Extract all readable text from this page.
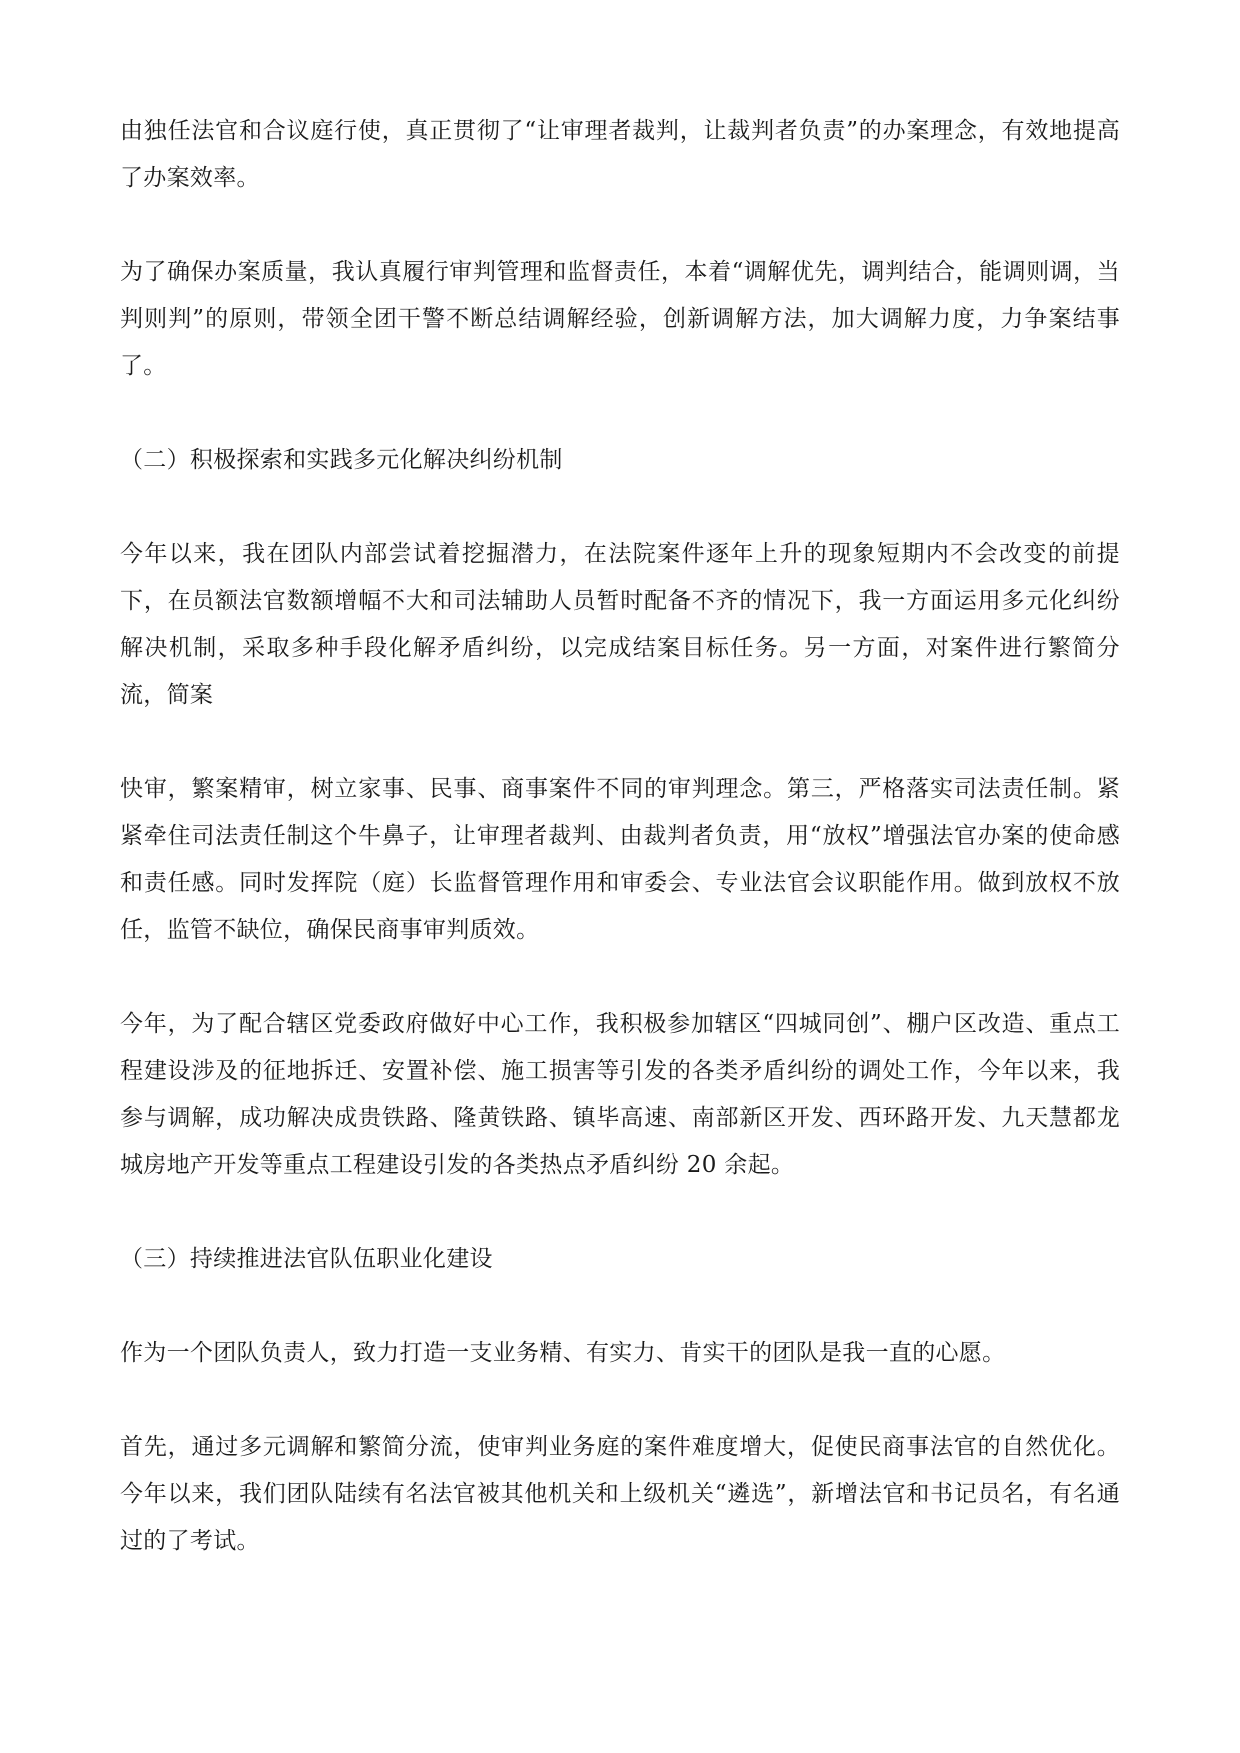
由独任法官和合议庭行使，真正贯彻了“让审理者裁判，让裁判者负责”的办案理念，有效地提高了办案效率。

为了确保办案质量，我认真履行审判管理和监督责任，本着“调解优先，调判结合，能调则调，当判则判”的原则，带领全团干警不断总结调解经验，创新调解方法，加大调解力度，力争案结事了。

（二）积极探索和实践多元化解决纠纷机制

今年以来，我在团队内部尝试着挖掘潜力，在法院案件逐年上升的现象短期内不会改变的前提下，在员额法官数额增幅不大和司法辅助人员暂时配备不齐的情况下，我一方面运用多元化纠纷解决机制，采取多种手段化解矛盾纠纷，以完成结案目标任务。另一方面，对案件进行繁简分流，简案

快审，繁案精审，树立家事、民事、商事案件不同的审判理念。第三，严格落实司法责任制。紧紧牵住司法责任制这个牛鼻子，让审理者裁判、由裁判者负责，用“放权”增强法官办案的使命感和责任感。同时发挥院（庭）长监督管理作用和审委会、专业法官会议职能作用。做到放权不放任，监管不缺位，确保民商事审判质效。

今年，为了配合辖区党委政府做好中心工作，我积极参加辖区“四城同创”、棚户区改造、重点工程建设涉及的征地拆迁、安置补偿、施工损害等引发的各类矛盾纠纷的调处工作，今年以来，我参与调解，成功解决成贵铁路、隆黄铁路、镇毕高速、南部新区开发、西环路开发、九天慧都龙城房地产开发等重点工程建设引发的各类热点矛盾纠纷 20 余起。

（三）持续推进法官队伍职业化建设

作为一个团队负责人，致力打造一支业务精、有实力、肯实干的团队是我一直的心愿。

首先，通过多元调解和繁简分流，使审判业务庭的案件难度增大，促使民商事法官的自然优化。今年以来，我们团队陆续有名法官被其他机关和上级机关“遴选”，新增法官和书记员名，有名通过的了考试。
